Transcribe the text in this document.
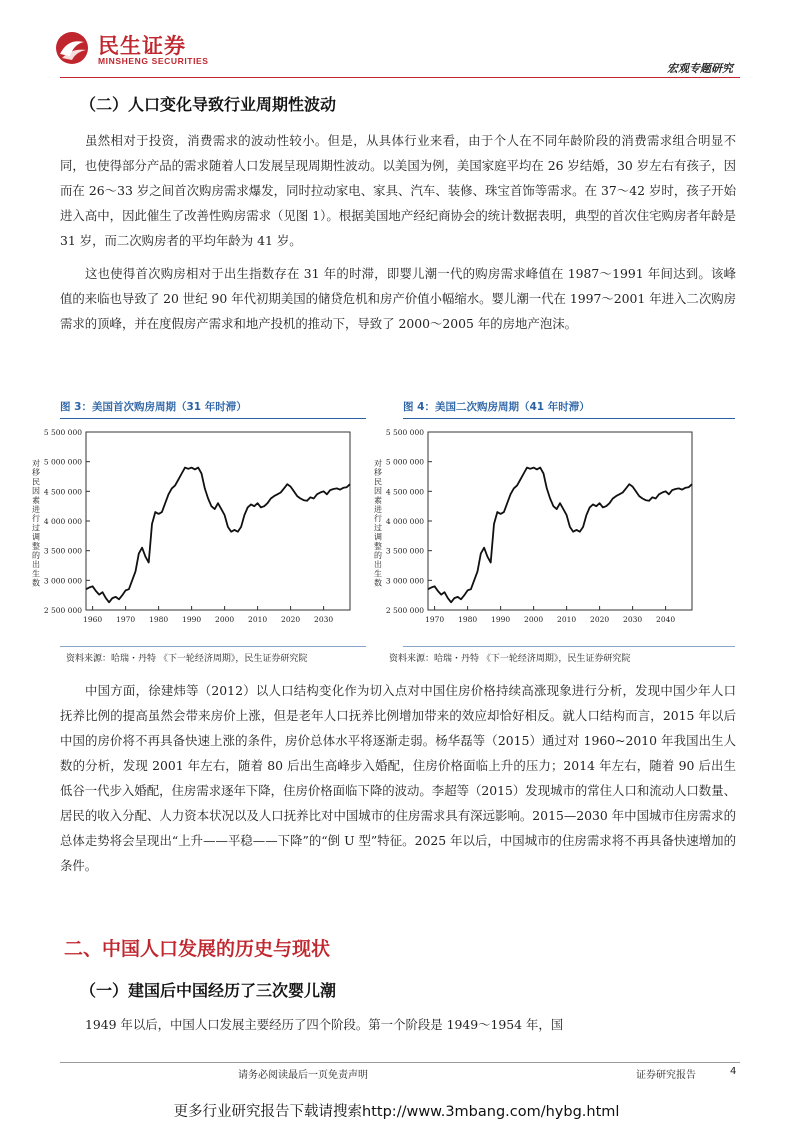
民生证券
MINSHENG SECURITIES
宏观专题研究
（二）人口变化导致行业周期性波动

虽然相对于投资，消费需求的波动性较小。但是，从具体行业来看，由于个人在不同年龄阶段的消费需求组合明显不同，也使得部分产品的需求随着人口发展呈现周期性波动。以美国为例，美国家庭平均在 26 岁结婚，30 岁左右有孩子，因而在 26～33 岁之间首次购房需求爆发，同时拉动家电、家具、汽车、装修、珠宝首饰等需求。在 37～42 岁时，孩子开始进入高中，因此催生了改善性购房需求（见图 1）。根据美国地产经纪商协会的统计数据表明，典型的首次住宅购房者年龄是 31 岁，而二次购房者的平均年龄为 41 岁。

这也使得首次购房相对于出生指数存在 31 年的时滞，即婴儿潮一代的购房需求峰值在 1987～1991 年间达到。该峰值的来临也导致了 20 世纪 90 年代初期美国的储贷危机和房产价值小幅缩水。婴儿潮一代在 1997～2001 年进入二次购房需求的顶峰，并在度假房产需求和地产投机的推动下，导致了 2000～2005 年的房地产泡沫。

图 3：美国首次购房周期（31 年时滞）
2 500 000
3 000 000
3 500 000
4 000 000
4 500 000
5 000 000
5 500 000
1960 1970 1980 1990 2000 2010 2020 2030
对移民因素进行过调整的出生数
资料来源：哈瑞・丹特 《下一轮经济周期》，民生证券研究院
图 4：美国二次购房周期（41 年时滞）
2 500 000
3 000 000
3 500 000
4 000 000
4 500 000
5 000 000
5 500 000
1970 1980 1990 2000 2010 2020 2030 2040
对移民因素进行过调整的出生数
资料来源：哈瑞・丹特 《下一轮经济周期》，民生证券研究院

中国方面，徐建炜等（2012）以人口结构变化作为切入点对中国住房价格持续高涨现象进行分析，发现中国少年人口抚养比例的提高虽然会带来房价上涨，但是老年人口抚养比例增加带来的效应却恰好相反。就人口结构而言，2015 年以后中国的房价将不再具备快速上涨的条件，房价总体水平将逐渐走弱。杨华磊等（2015）通过对 1960~2010 年我国出生人数的分析，发现 2001 年左右，随着 80 后出生高峰步入婚配，住房价格面临上升的压力；2014 年左右，随着 90 后出生低谷一代步入婚配，住房需求逐年下降，住房价格面临下降的波动。李超等（2015）发现城市的常住人口和流动人口数量、居民的收入分配、人力资本状况以及人口抚养比对中国城市的住房需求具有深远影响。2015—2030 年中国城市住房需求的总体走势将会呈现出“上升——平稳——下降”的“倒 U 型”特征。2025 年以后，中国城市的住房需求将不再具备快速增加的条件。

二、中国人口发展的历史与现状
（一）建国后中国经历了三次婴儿潮

1949 年以后，中国人口发展主要经历了四个阶段。第一个阶段是 1949～1954 年，国

请务必阅读最后一页免责声明	证券研究报告	4
更多行业研究报告下载请搜索http://www.3mbang.com/hybg.html
